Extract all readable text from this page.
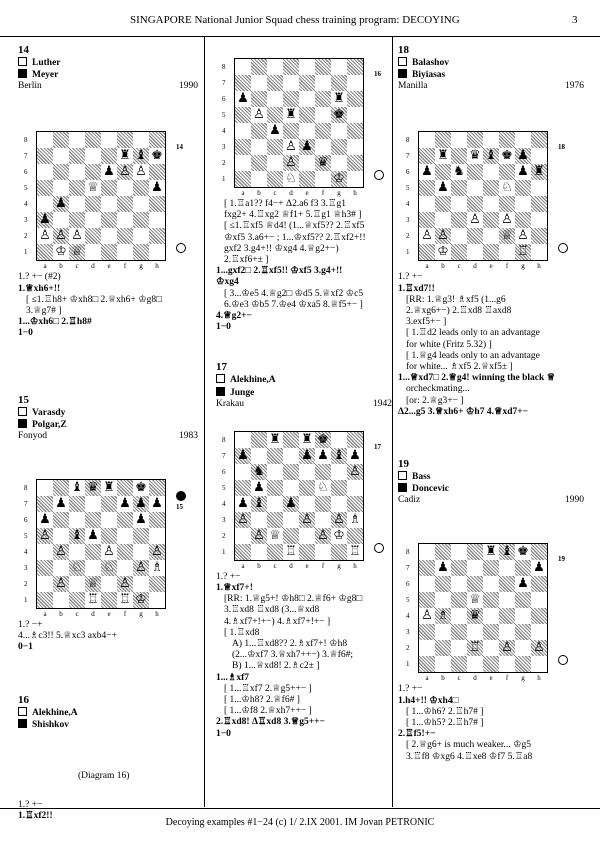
SINGAPORE National Junior Squad chess training program: DECOYING	3

14

Luther

Meyer

Berlin	1990
8
7
6
5
4
3
2
1
♜ ♝ ♚
♟ ♙ ♙
♕	♟
♟
♟
♙ ♙ ♙
♔ ♕
a	b	c	d	e	f	g	h
14

1.? +− (#2)

1.♕xh6+!!

[ ≤1.♖h8+ ♔xh8□ 2.♕xh6+ ♔g8□

3.♕g7# ]

1...♔xh6□ 2.♖h8#

1−0

15

Varasdy

Polgar,Z

Fonyod	1983
8
7
6
5
4
3
2
1
♝ ♛ ♜ ♚
♟	♟ ♟ ♟
♟	♟
♙ ♝ ♟
♙	♙	♙
♘ ♘ ♙ ♗
♙ ♕ ♙
♖ ♖ ♔
a	b	c	d	e	f	g	h
15

1.? −+

4...♗c3!! 5.♕xc3 axb4−+

0−1

16

Alekhine,A

Shishkov

(Diagram 16)

1.? +−

1.♖xf2!!

8
7
6
5
4
3
2
1
♟	♜
♙ ♜	♚
♟
♙ ♟
♙ ♛
♘	♔
a	b	c	d	e	f	g	h
16

[ 1.♖a1?? f4−+ Δ2.a6 f3 3.♖g1

fxg2+ 4.♖xg2 ♕f1+ 5.♖g1 ♕h3# ]

[ ≤1.♖xf5 ♕d4! (1...♕xf5?? 2.♖xf5

♔xf5 3.a6+− ; 1...♔xf5?? 2.♖xf2+!!

gxf2 3.g4+!! ♔xg4 4.♕g2+−)

2.♖xf6+± ]

1...gxf2□ 2.♖xf5!! ♔xf5 3.g4+!!

♔xg4

[ 3...♔e5 4.♕g2□ ♔d5 5.♕xf2 ♔c5

6.♔e3 ♔b5 7.♔e4 ♔xa5 8.♕f5+− ]

4.♕g2+−

1−0

17

Alekhine,A

Junge

Krakau	1942
8
7
6
5
4
3
2
1
♜ ♜ ♚
♟	♟ ♟ ♝ ♟
♞	♙
♟	♘
♟ ♝ ♟
♙	♙ ♙ ♗
♙ ♕	♙ ♔
♖	♖
a	b	c	d	e	f	g	h
17

1.? +−

1.♕xf7+!

[RR: 1.♕g5+! ♔h8□ 2.♕f6+ ♔g8□

3.♖xd8 ♖xd8 (3...♕xd8

4.♗xf7+!+−) 4.♗xf7+!+− ]

[ 1.♖xd8

A) 1...♖xd8?? 2.♗xf7+! ♔h8

(2...♔xf7 3.♕xh7++−) 3.♕f6#;

B) 1...♕xd8! 2.♗c2± ]

1...♗xf7

[ 1...♖xf7 2.♕g5++− ]

[ 1...♔h8? 2.♕f6# ]

[ 1...♔f8 2.♕xh7++− ]

2.♖xd8! Δ♖xd8 3.♕g5++−

1−0

18

Balashov

Biyiasas

Manilla	1976
8
7
6
5
4
3
2
1
♜ ♛ ♝ ♚ ♟
♟ ♞	♟ ♜
♟	♘
♙ ♙
♙ ♙	♕ ♙
♔	♖
a	b	c	d	e	f	g	h
18

1.? +−

1.♖xd7!!

[RR: 1.♕g3! ♗xf5 (1...g6

2.♕xg6+−) 2.♖xd8 ♖axd8

3.exf5+− ]

[ 1.♖d2 leads only to an advantage

for white (Fritz 5.32) ]

[ 1.♕g4 leads only to an advantage

for white... ♗xf5 2.♕xf5± ]

1...♕xd7□ 2.♕g4! winning the black ♕

orcheckmating...

[or: 2.♕g3+− ]

Δ2...g5 3.♕xh6+ ♔h7 4.♕xd7+−

19

Bass

Doncevic

Cadiz	1990
8
7
6
5
4
3
2
1
♜ ♝ ♚
♟	♟
♟
♕
♙ ♗ ♛
♖ ♙ ♙
a	b	c	d	e	f	g	h
19

1.? +−

1.h4+!! ♔xh4□

[ 1...♔h6? 2.♖h7# ]

[ 1...♔h5? 2.♖h7# ]

2.♖f5!+−

[ 2.♕g6+ is much weaker... ♔g5

3.♖f8 ♔xg6 4.♖xe8 ♔f7 5.♖a8

Decoying examples #1−24 (c) 1/ 2.IX 2001. IM Jovan PETRONIC
